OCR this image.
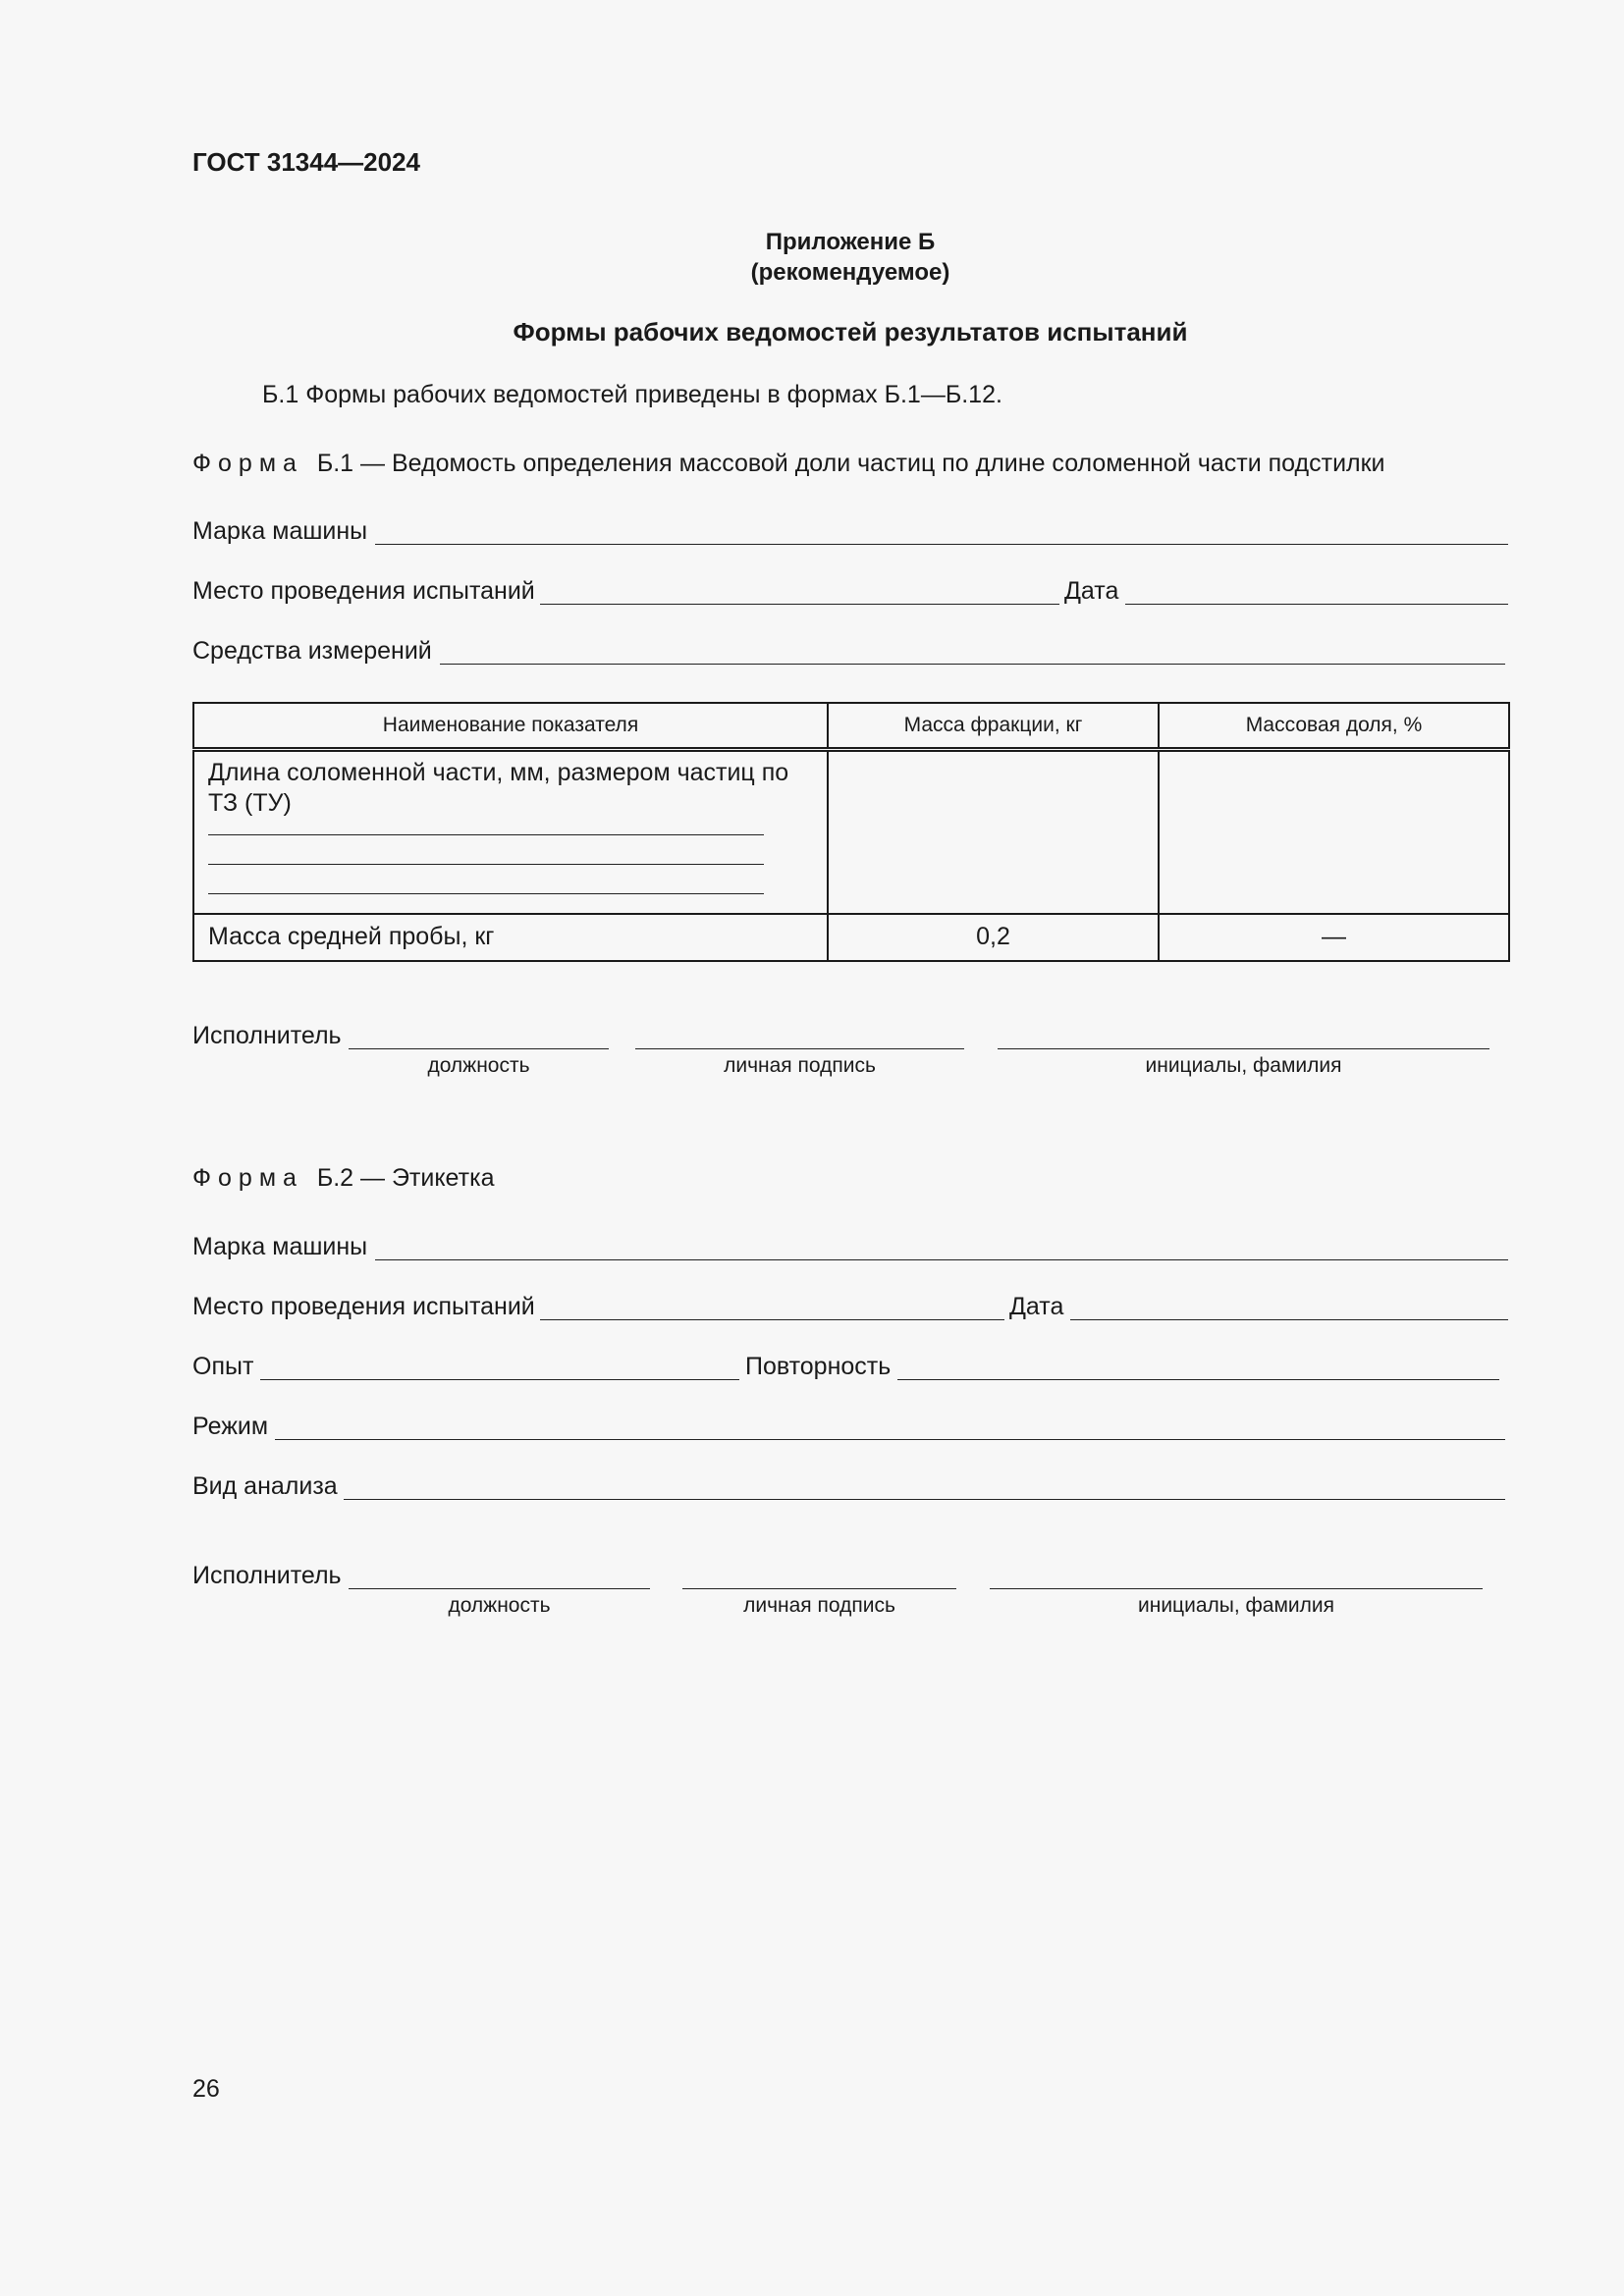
ГОСТ 31344—2024
Приложение Б
(рекомендуемое)
Формы рабочих ведомостей результатов испытаний
Б.1 Формы рабочих ведомостей приведены в формах Б.1—Б.12.
Форма Б.1 — Ведомость определения массовой доли частиц по длине соломенной части подстилки
Марка машины
Место проведения испытаний	Дата
Средства измерений
Наименование показателя	Масса фракции, кг	Массовая доля, %

Длина соломенной части, мм, размером частиц по ТЗ (ТУ)		

Масса средней пробы, кг	0,2	—
Исполнитель
должность	личная подпись	инициалы, фамилия
Форма Б.2 — Этикетка
Марка машины
Место проведения испытаний	Дата
Опыт	Повторность
Режим
Вид анализа
Исполнитель
должность	личная подпись	инициалы, фамилия
26
